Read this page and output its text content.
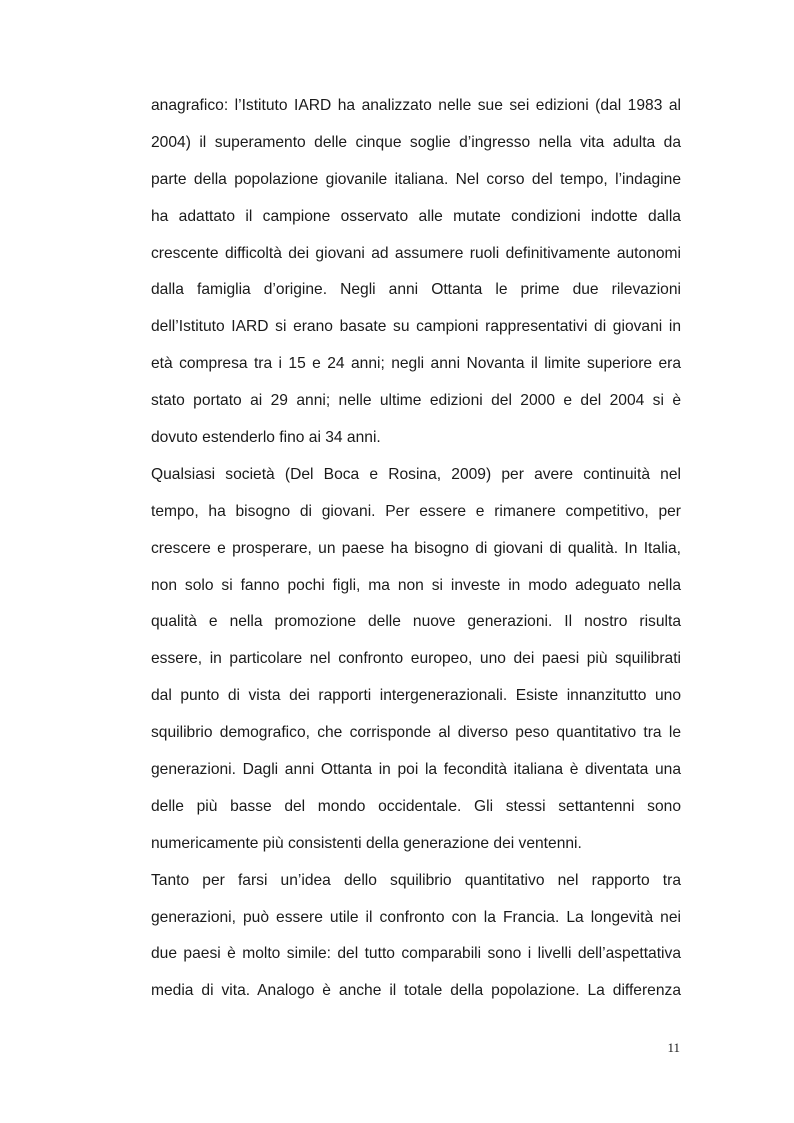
anagrafico: l’Istituto IARD ha analizzato nelle sue sei edizioni (dal 1983 al
2004) il superamento delle cinque soglie d’ingresso nella vita adulta da
parte della popolazione giovanile italiana. Nel corso del tempo, l’indagine
ha adattato il campione osservato alle mutate condizioni indotte dalla
crescente difficoltà dei giovani ad assumere ruoli definitivamente autonomi
dalla famiglia d’origine. Negli anni Ottanta le prime due rilevazioni
dell’Istituto IARD si erano basate su campioni rappresentativi di giovani in
età compresa tra i 15 e 24 anni; negli anni Novanta il limite superiore era
stato portato ai 29 anni; nelle ultime edizioni del 2000 e del 2004 si è
dovuto estenderlo fino ai 34 anni.
Qualsiasi società (Del Boca e Rosina, 2009) per avere continuità nel
tempo, ha bisogno di giovani. Per essere e rimanere competitivo, per
crescere e prosperare, un paese ha bisogno di giovani di qualità. In Italia,
non solo si fanno pochi figli, ma non si investe in modo adeguato nella
qualità e nella promozione delle nuove generazioni. Il nostro risulta
essere, in particolare nel confronto europeo, uno dei paesi più squilibrati
dal punto di vista dei rapporti intergenerazionali. Esiste innanzitutto uno
squilibrio demografico, che corrisponde al diverso peso quantitativo tra le
generazioni. Dagli anni Ottanta in poi la fecondità italiana è diventata una
delle più basse del mondo occidentale. Gli stessi settantenni sono
numericamente più consistenti della generazione dei ventenni.
Tanto per farsi un’idea dello squilibrio quantitativo nel rapporto tra
generazioni, può essere utile il confronto con la Francia. La longevità nei
due paesi è molto simile: del tutto comparabili sono i livelli dell’aspettativa
media di vita. Analogo è anche il totale della popolazione. La differenza
11
